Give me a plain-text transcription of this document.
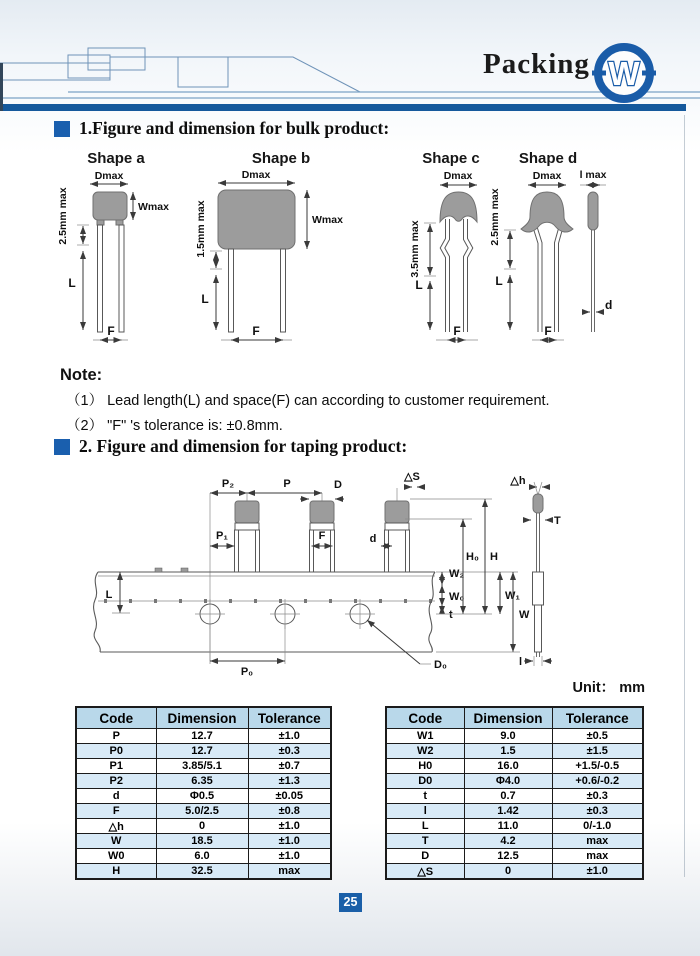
Packing W
1.Figure and dimension for bulk product:
Shape a
Dmax
Wmax
2.5mm max
L
F
Shape b
Dmax
Wmax
1.5mm max
L
F
Shape c
Dmax
3.5mm max
L
F
Shape d
Dmax
2.5mm max
L
F
l max
d
Note:
（1） Lead length(L) and space(F) can according to customer requirement.
（2） "F" 's tolerance is: ±0.8mm.
2. Figure and dimension for taping product:
P₂	P	D
P₁	F	d
△S
L
W₂
W₀
t
H₀ H
W₁
W
P₀
D₀
△h
T
l
Unit： mm
Code	Dimension	Tolerance
P	12.7	±1.0
P0	12.7	±0.3
P1	3.85/5.1	±0.7
P2	6.35	±1.3
d	Φ0.5	±0.05
F	5.0/2.5	±0.8
△h	0	±1.0
W	18.5	±1.0
W0	6.0	±1.0
H	32.5	max
Code	Dimension	Tolerance
W1	9.0	±0.5
W2	1.5	±1.5
H0	16.0	+1.5/-0.5
D0	Φ4.0	+0.6/-0.2
t	0.7	±0.3
l	1.42	±0.3
L	11.0	0/-1.0
T	4.2	max
D	12.5	max
△S	0	±1.0
25
